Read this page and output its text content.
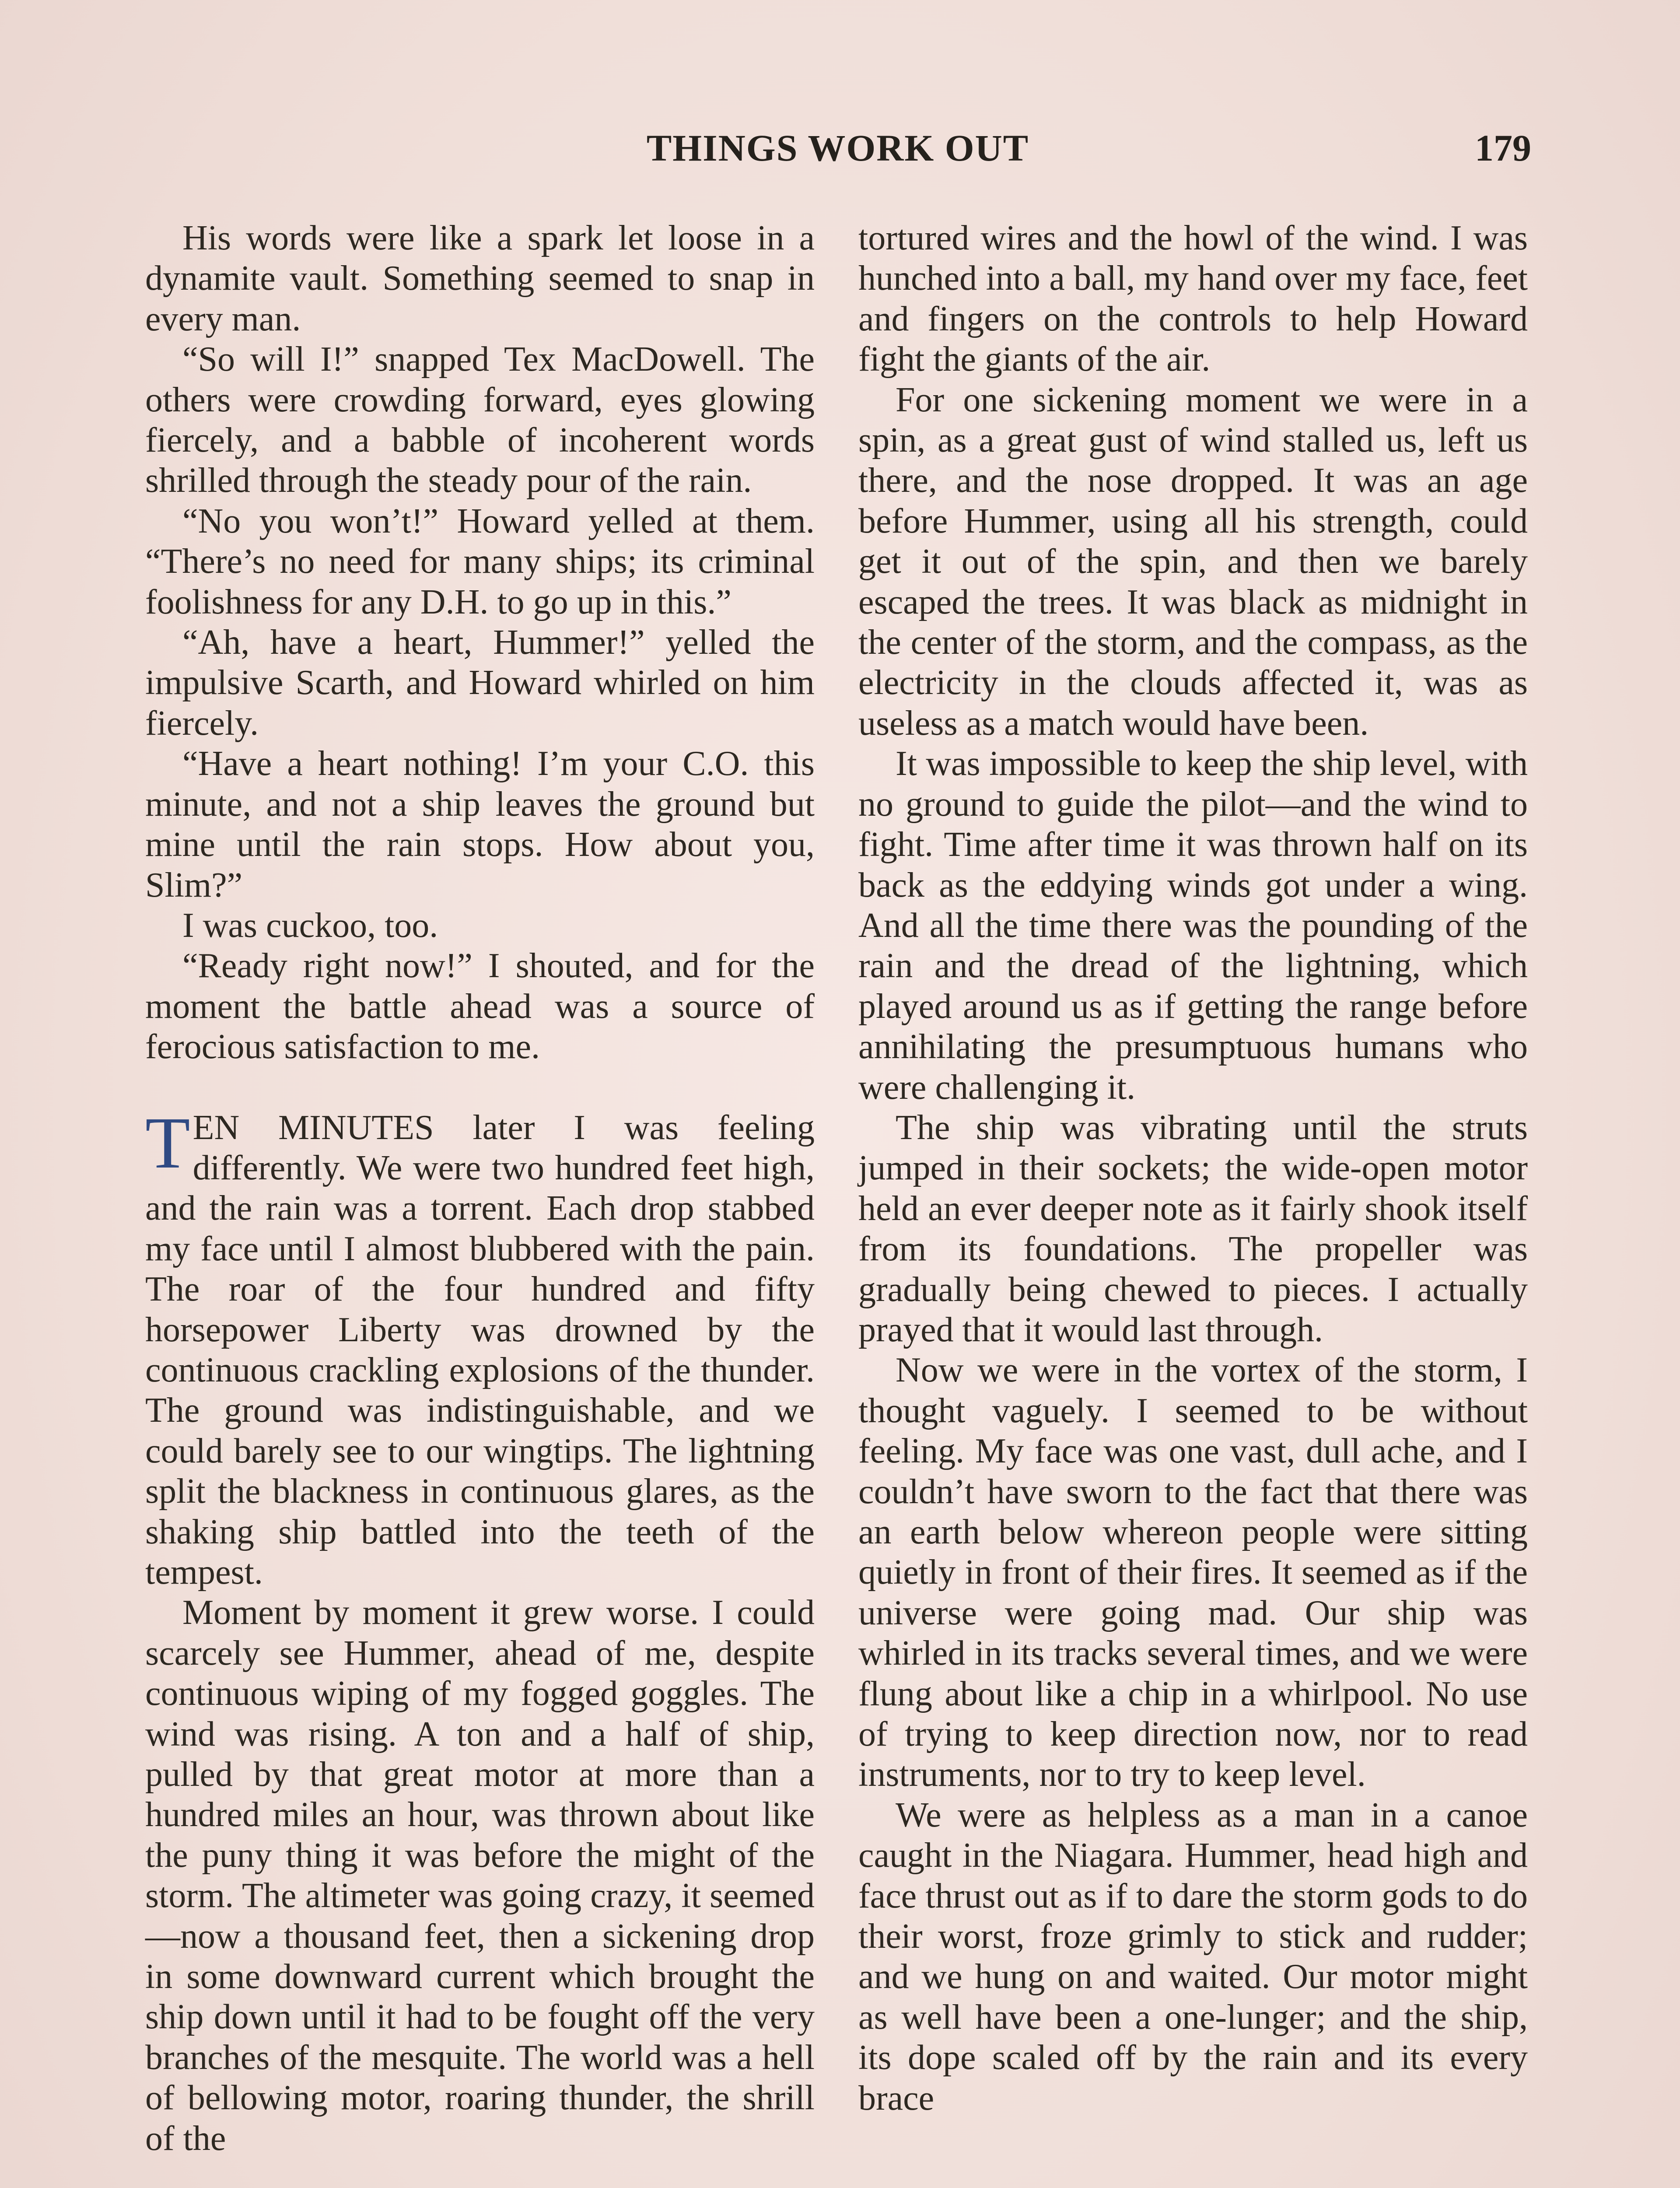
THINGS WORK OUT	179

His words were like a spark let loose in a dynamite vault. Something seemed to snap in every man.

“So will I!” snapped Tex MacDowell. The others were crowding forward, eyes glowing fiercely, and a babble of incoherent words shrilled through the steady pour of the rain.

“No you won’t!” Howard yelled at them. “There’s no need for many ships; its criminal foolishness for any D.H. to go up in this.”

“Ah, have a heart, Hummer!” yelled the impulsive Scarth, and Howard whirled on him fiercely.

“Have a heart nothing! I’m your C.O. this minute, and not a ship leaves the ground but mine until the rain stops. How about you, Slim?”

I was cuckoo, too.

“Ready right now!” I shouted, and for the moment the battle ahead was a source of ferocious satisfaction to me.

TEN MINUTES later I was feeling differently. We were two hundred feet high, and the rain was a torrent. Each drop stabbed my face until I almost blubbered with the pain. The roar of the four hundred and fifty horsepower Liberty was drowned by the continuous crackling explosions of the thunder. The ground was indistinguishable, and we could barely see to our wingtips. The lightning split the blackness in continuous glares, as the shaking ship battled into the teeth of the tempest.

Moment by moment it grew worse. I could scarcely see Hummer, ahead of me, despite continuous wiping of my fogged goggles. The wind was rising. A ton and a half of ship, pulled by that great motor at more than a hundred miles an hour, was thrown about like the puny thing it was before the might of the storm. The altimeter was going crazy, it seemed—now a thousand feet, then a sickening drop in some downward current which brought the ship down until it had to be fought off the very branches of the mesquite. The world was a hell of bellowing motor, roaring thunder, the shrill of the

tortured wires and the howl of the wind. I was hunched into a ball, my hand over my face, feet and fingers on the controls to help Howard fight the giants of the air.

For one sickening moment we were in a spin, as a great gust of wind stalled us, left us there, and the nose dropped. It was an age before Hummer, using all his strength, could get it out of the spin, and then we barely escaped the trees. It was black as midnight in the center of the storm, and the compass, as the electricity in the clouds affected it, was as useless as a match would have been.

It was impossible to keep the ship level, with no ground to guide the pilot—and the wind to fight. Time after time it was thrown half on its back as the eddying winds got under a wing. And all the time there was the pounding of the rain and the dread of the lightning, which played around us as if getting the range before annihilating the presumptuous humans who were challenging it.

The ship was vibrating until the struts jumped in their sockets; the wide-open motor held an ever deeper note as it fairly shook itself from its foundations. The propeller was gradually being chewed to pieces. I actually prayed that it would last through.

Now we were in the vortex of the storm, I thought vaguely. I seemed to be without feeling. My face was one vast, dull ache, and I couldn’t have sworn to the fact that there was an earth below whereon people were sitting quietly in front of their fires. It seemed as if the universe were going mad. Our ship was whirled in its tracks several times, and we were flung about like a chip in a whirlpool. No use of trying to keep direction now, nor to read instruments, nor to try to keep level.

We were as helpless as a man in a canoe caught in the Niagara. Hummer, head high and face thrust out as if to dare the storm gods to do their worst, froze grimly to stick and rudder; and we hung on and waited. Our motor might as well have been a one-lunger; and the ship, its dope scaled off by the rain and its every brace
